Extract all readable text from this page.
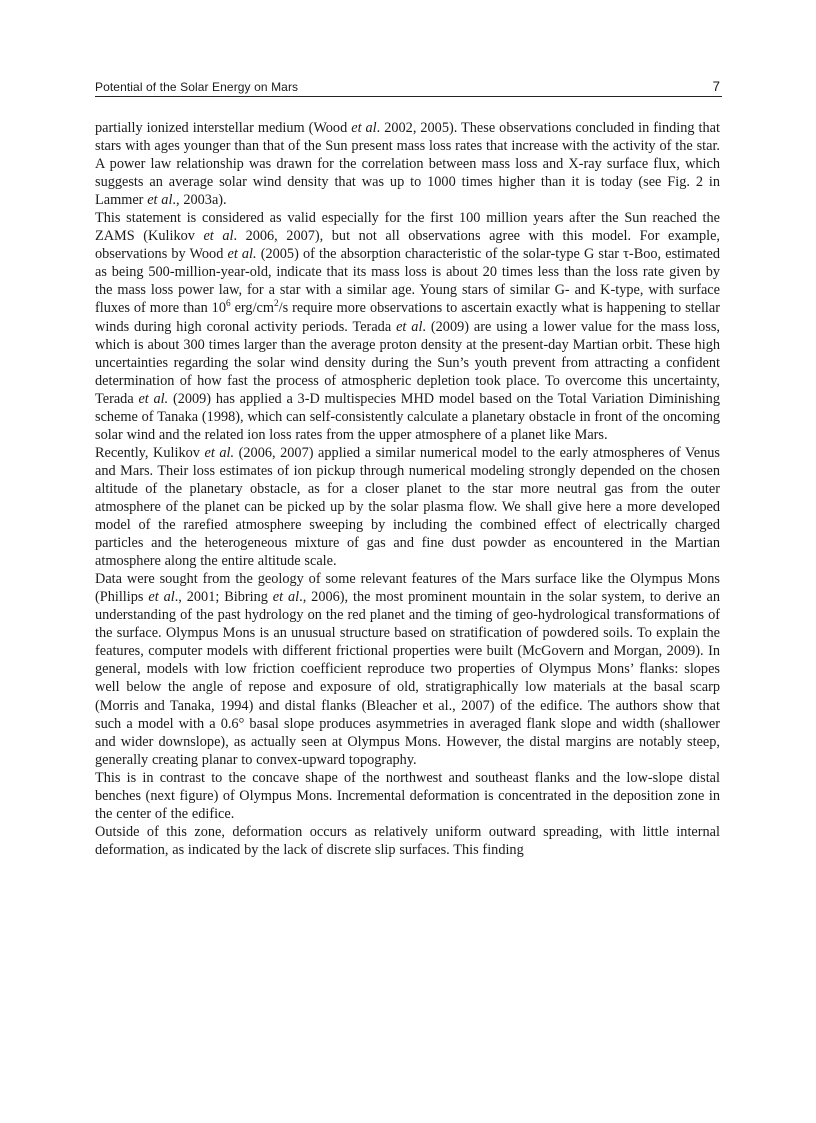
Potential of the Solar Energy on Mars	7

partially ionized interstellar medium (Wood et al. 2002, 2005). These observations concluded in finding that stars with ages younger than that of the Sun present mass loss rates that increase with the activity of the star. A power law relationship was drawn for the correlation between mass loss and X-ray surface flux, which suggests an average solar wind density that was up to 1000 times higher than it is today (see Fig. 2 in Lammer et al., 2003a).

This statement is considered as valid especially for the first 100 million years after the Sun reached the ZAMS (Kulikov et al. 2006, 2007), but not all observations agree with this model. For example, observations by Wood et al. (2005) of the absorption characteristic of the solar-type G star τ-Boo, estimated as being 500-million-year-old, indicate that its mass loss is about 20 times less than the loss rate given by the mass loss power law, for a star with a similar age. Young stars of similar G- and K-type, with surface fluxes of more than $10^6$ erg/$cm^2/s$ require more observations to ascertain exactly what is happening to stellar winds during high coronal activity periods. Terada et al. (2009) are using a lower value for the mass loss, which is about 300 times larger than the average proton density at the present-day Martian orbit. These high uncertainties regarding the solar wind density during the Sun’s youth prevent from attracting a confident determination of how fast the process of atmospheric depletion took place. To overcome this uncertainty, Terada et al. (2009) has applied a 3-D multispecies MHD model based on the Total Variation Diminishing scheme of Tanaka (1998), which can self-consistently calculate a planetary obstacle in front of the oncoming solar wind and the related ion loss rates from the upper atmosphere of a planet like Mars.

Recently, Kulikov et al. (2006, 2007) applied a similar numerical model to the early atmospheres of Venus and Mars. Their loss estimates of ion pickup through numerical modeling strongly depended on the chosen altitude of the planetary obstacle, as for a closer planet to the star more neutral gas from the outer atmosphere of the planet can be picked up by the solar plasma flow. We shall give here a more developed model of the rarefied atmosphere sweeping by including the combined effect of electrically charged particles and the heterogeneous mixture of gas and fine dust powder as encountered in the Martian atmosphere along the entire altitude scale.

Data were sought from the geology of some relevant features of the Mars surface like the Olympus Mons (Phillips et al., 2001; Bibring et al., 2006), the most prominent mountain in the solar system, to derive an understanding of the past hydrology on the red planet and the timing of geo-hydrological transformations of the surface. Olympus Mons is an unusual structure based on stratification of powdered soils. To explain the features, computer models with different frictional properties were built (McGovern and Morgan, 2009). In general, models with low friction coefficient reproduce two properties of Olympus Mons’ flanks: slopes well below the angle of repose and exposure of old, stratigraphically low materials at the basal scarp (Morris and Tanaka, 1994) and distal flanks (Bleacher et al., 2007) of the edifice. The authors show that such a model with a 0.6° basal slope produces asymmetries in averaged flank slope and width (shallower and wider downslope), as actually seen at Olympus Mons. However, the distal margins are notably steep, generally creating planar to convex-upward topography.

This is in contrast to the concave shape of the northwest and southeast flanks and the low-slope distal benches (next figure) of Olympus Mons. Incremental deformation is concentrated in the deposition zone in the center of the edifice.

Outside of this zone, deformation occurs as relatively uniform outward spreading, with little internal deformation, as indicated by the lack of discrete slip surfaces. This finding
